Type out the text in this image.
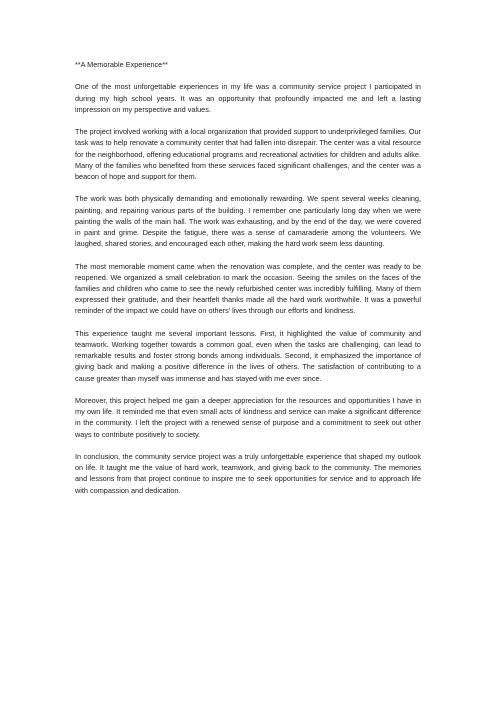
**A Memorable Experience**

One of the most unforgettable experiences in my life was a community service project I participated in during my high school years. It was an opportunity that profoundly impacted me and left a lasting impression on my perspective and values.

The project involved working with a local organization that provided support to underprivileged families. Our task was to help renovate a community center that had fallen into disrepair. The center was a vital resource for the neighborhood, offering educational programs and recreational activities for children and adults alike. Many of the families who benefited from these services faced significant challenges, and the center was a beacon of hope and support for them.

The work was both physically demanding and emotionally rewarding. We spent several weeks cleaning, painting, and repairing various parts of the building. I remember one particularly long day when we were painting the walls of the main hall. The work was exhausting, and by the end of the day, we were covered in paint and grime. Despite the fatigue, there was a sense of camaraderie among the volunteers. We laughed, shared stories, and encouraged each other, making the hard work seem less daunting.

The most memorable moment came when the renovation was complete, and the center was ready to be reopened. We organized a small celebration to mark the occasion. Seeing the smiles on the faces of the families and children who came to see the newly refurbished center was incredibly fulfilling. Many of them expressed their gratitude, and their heartfelt thanks made all the hard work worthwhile. It was a powerful reminder of the impact we could have on others' lives through our efforts and kindness.

This experience taught me several important lessons. First, it highlighted the value of community and teamwork. Working together towards a common goal, even when the tasks are challenging, can lead to remarkable results and foster strong bonds among individuals. Second, it emphasized the importance of giving back and making a positive difference in the lives of others. The satisfaction of contributing to a cause greater than myself was immense and has stayed with me ever since.

Moreover, this project helped me gain a deeper appreciation for the resources and opportunities I have in my own life. It reminded me that even small acts of kindness and service can make a significant difference in the community. I left the project with a renewed sense of purpose and a commitment to seek out other ways to contribute positively to society.

In conclusion, the community service project was a truly unforgettable experience that shaped my outlook on life. It taught me the value of hard work, teamwork, and giving back to the community. The memories and lessons from that project continue to inspire me to seek opportunities for service and to approach life with compassion and dedication.
